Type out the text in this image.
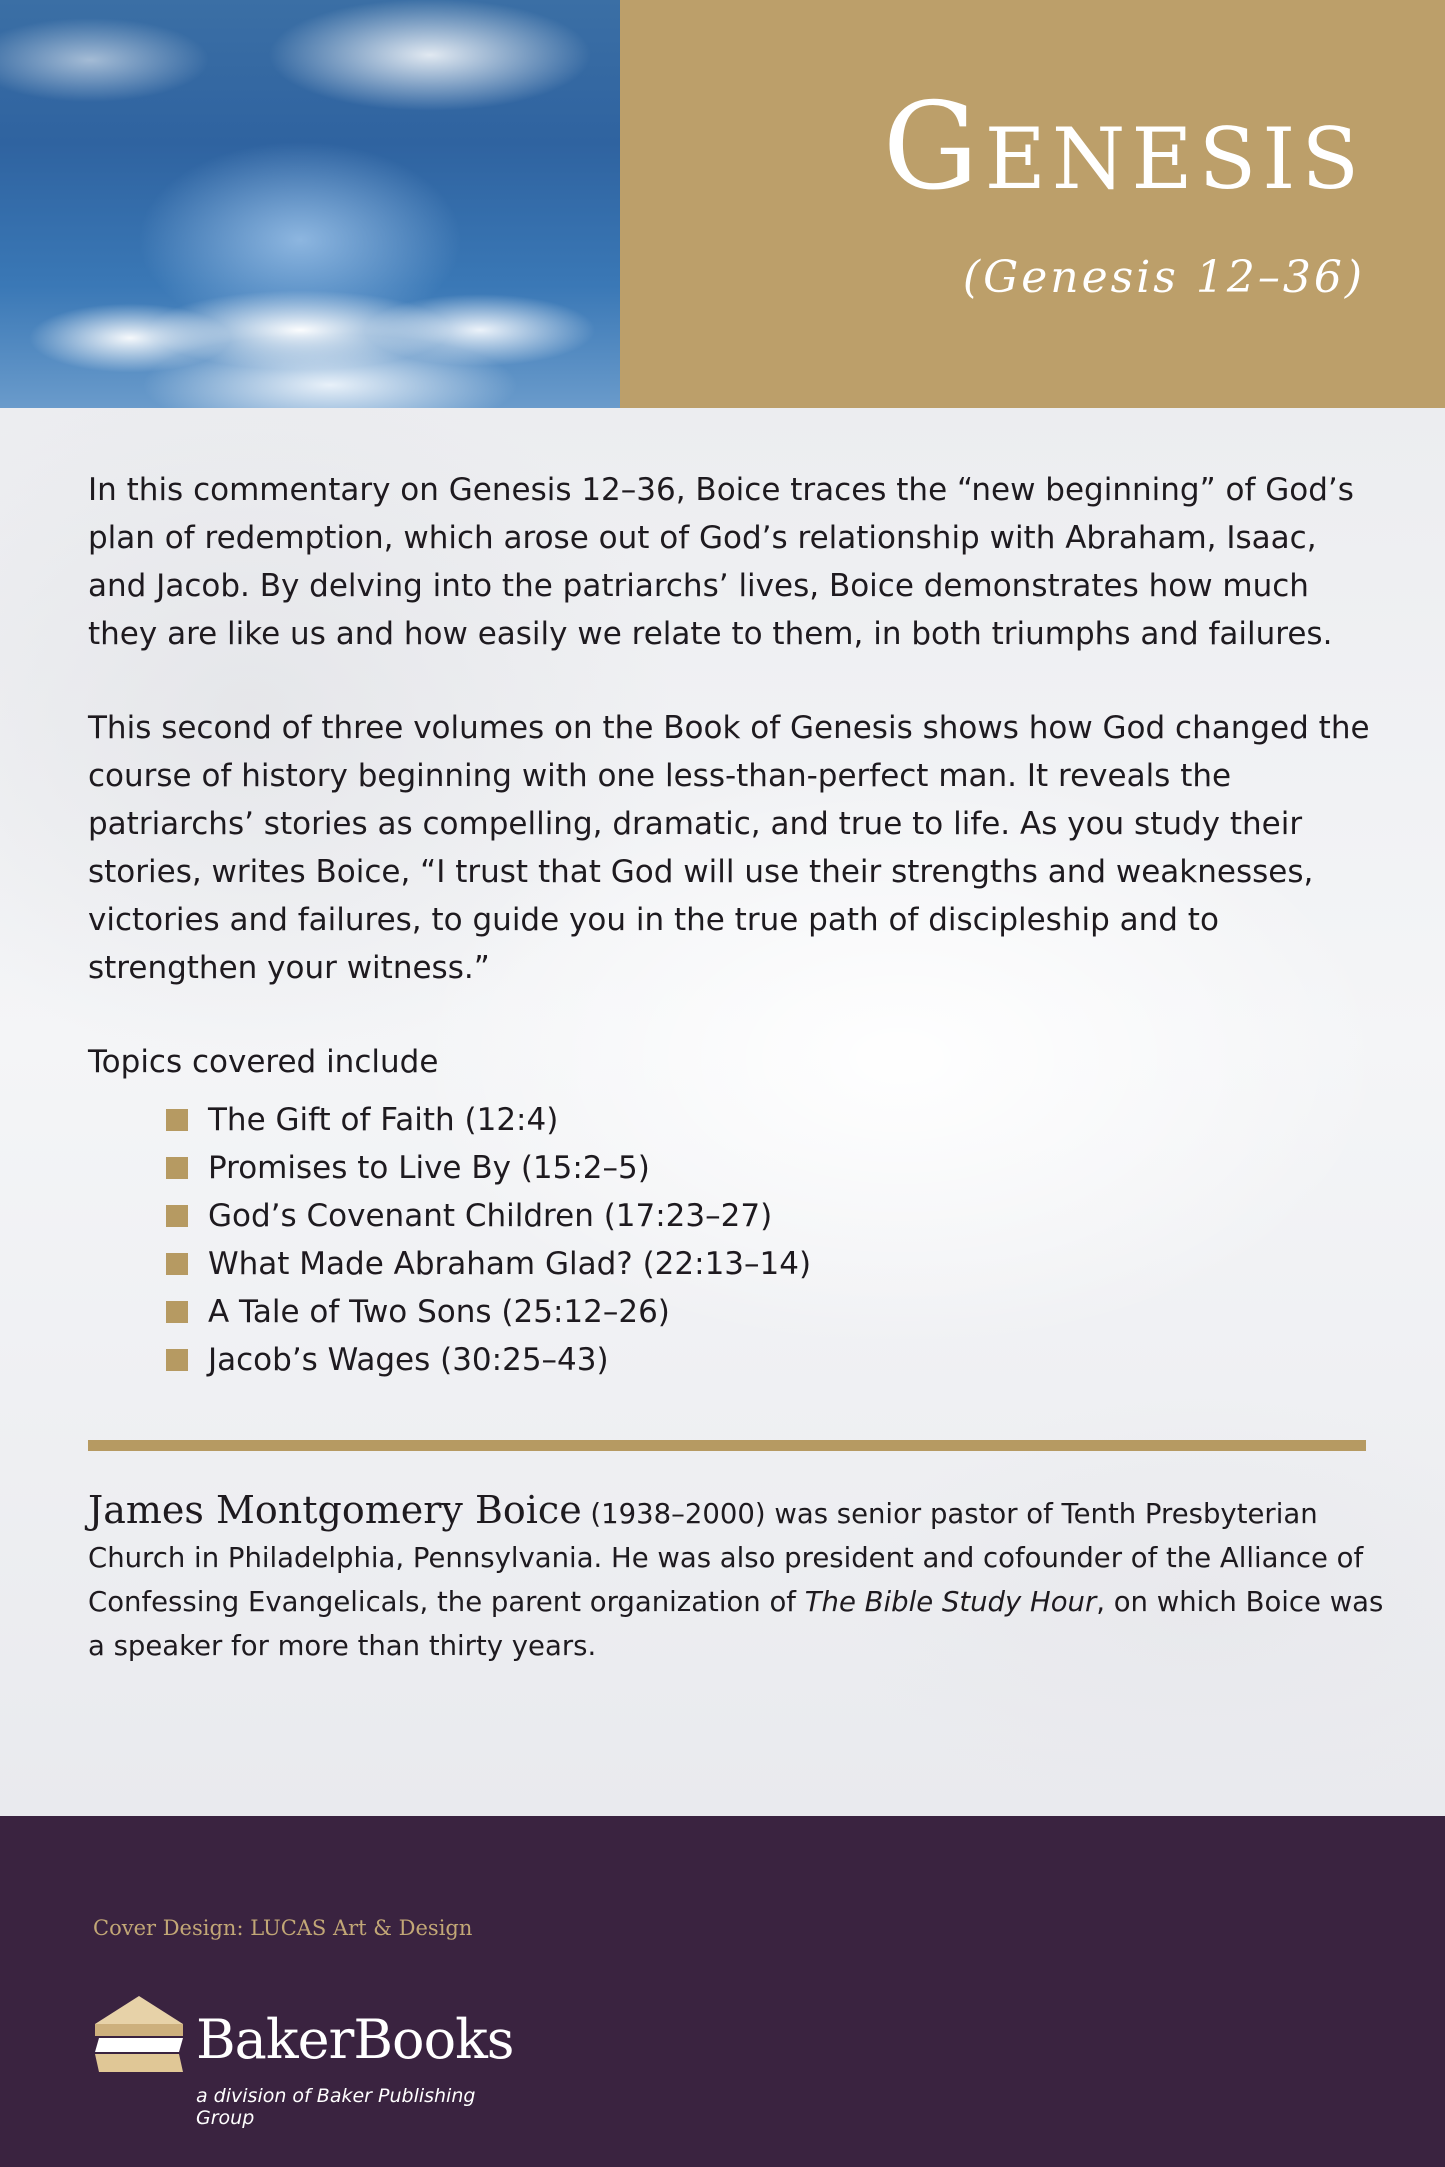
Genesis

(Genesis 12–36)

In this commentary on Genesis 12–36, Boice traces the “new beginning” of God’s plan of redemption, which arose out of God’s relationship with Abraham, Isaac, and Jacob. By delving into the patriarchs’ lives, Boice demonstrates how much they are like us and how easily we relate to them, in both triumphs and failures.

This second of three volumes on the Book of Genesis shows how God changed the course of history beginning with one less-than-perfect man. It reveals the patriarchs’ stories as compelling, dramatic, and true to life. As you study their stories, writes Boice, “I trust that God will use their strengths and weaknesses, victories and failures, to guide you in the true path of discipleship and to strengthen your witness.”

Topics covered include

The Gift of Faith (12:4)
Promises to Live By (15:2–5)
God’s Covenant Children (17:23–27)
What Made Abraham Glad? (22:13–14)
A Tale of Two Sons (25:12–26)
Jacob’s Wages (30:25–43)

James Montgomery Boice (1938–2000) was senior pastor of Tenth Presbyterian Church in Philadelphia, Pennsylvania. He was also president and cofounder of the Alliance of Confessing Evangelicals, the parent organization of The Bible Study Hour, on which Boice was a speaker for more than thirty years.

Cover Design: LUCAS Art & Design

BakerBooks

a division of Baker Publishing Group
